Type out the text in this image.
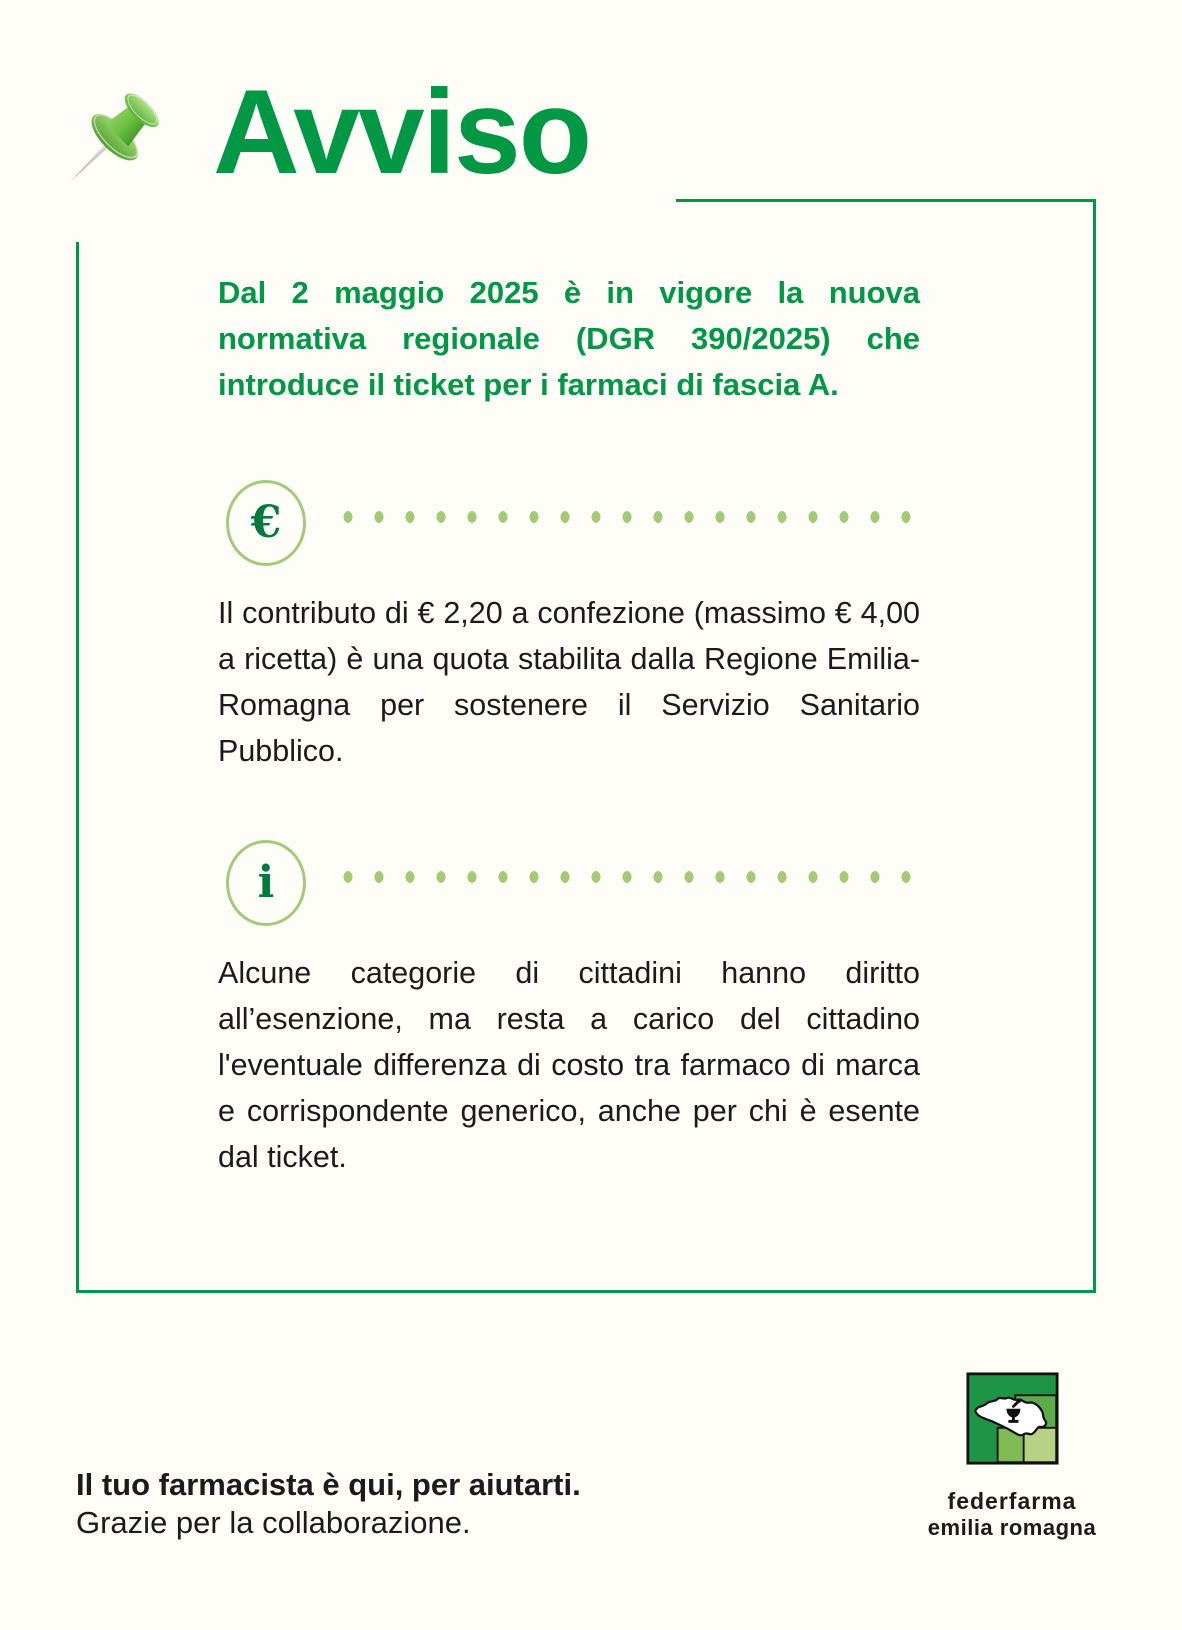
Avviso
Dal 2 maggio 2025 è in vigore la nuova normativa regionale (DGR 390/2025) che introduce il ticket per i farmaci di fascia A.
€
Il contributo di € 2,20 a confezione (massimo € 4,00 a ricetta) è una quota stabilita dalla Regione Emilia-Romagna per sostenere il Servizio Sanitario Pubblico.
i
Alcune categorie di cittadini hanno diritto all’esenzione, ma resta a carico del cittadino l'eventuale differenza di costo tra farmaco di marca e corrispondente generico, anche per chi è esente dal ticket.
Il tuo farmacista è qui, per aiutarti.
Grazie per la collaborazione.
federfarma
emilia romagna
